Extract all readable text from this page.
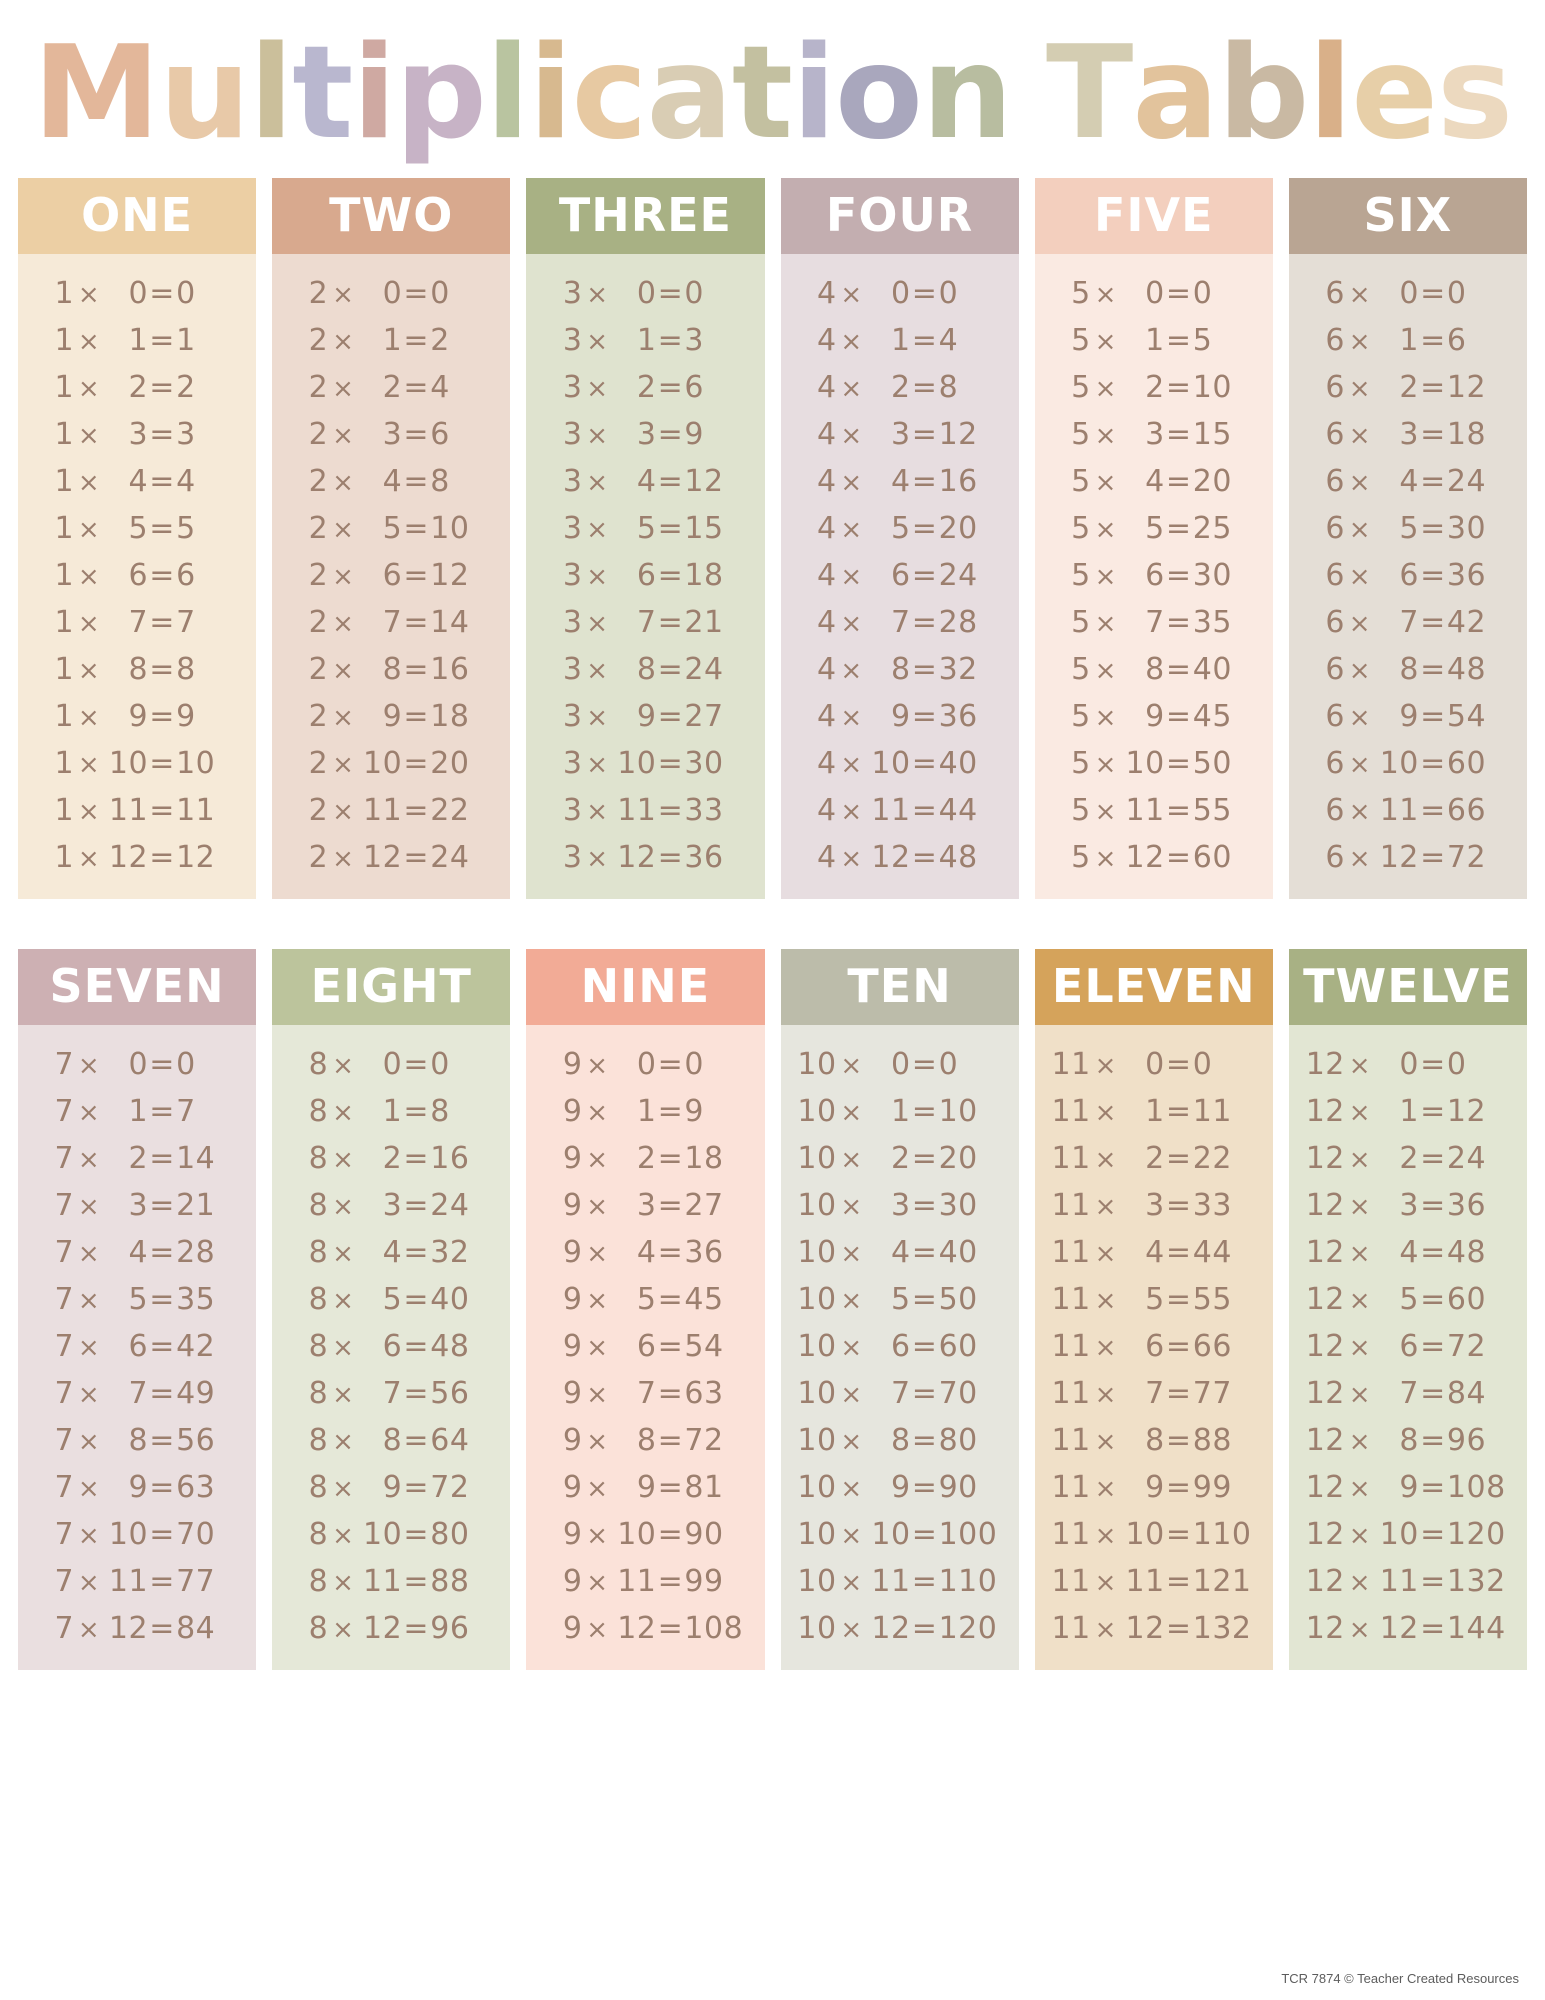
Multiplication Tables
ONE
1 × 0 = 0
1 × 1 = 1
1 × 2 = 2
1 × 3 = 3
1 × 4 = 4
1 × 5 = 5
1 × 6 = 6
1 × 7 = 7
1 × 8 = 8
1 × 9 = 9
1 × 10 = 10
1 × 11 = 11
1 × 12 = 12
TWO
2 × 0 = 0
2 × 1 = 2
2 × 2 = 4
2 × 3 = 6
2 × 4 = 8
2 × 5 = 10
2 × 6 = 12
2 × 7 = 14
2 × 8 = 16
2 × 9 = 18
2 × 10 = 20
2 × 11 = 22
2 × 12 = 24
THREE
3 × 0 = 0
3 × 1 = 3
3 × 2 = 6
3 × 3 = 9
3 × 4 = 12
3 × 5 = 15
3 × 6 = 18
3 × 7 = 21
3 × 8 = 24
3 × 9 = 27
3 × 10 = 30
3 × 11 = 33
3 × 12 = 36
FOUR
4 × 0 = 0
4 × 1 = 4
4 × 2 = 8
4 × 3 = 12
4 × 4 = 16
4 × 5 = 20
4 × 6 = 24
4 × 7 = 28
4 × 8 = 32
4 × 9 = 36
4 × 10 = 40
4 × 11 = 44
4 × 12 = 48
FIVE
5 × 0 = 0
5 × 1 = 5
5 × 2 = 10
5 × 3 = 15
5 × 4 = 20
5 × 5 = 25
5 × 6 = 30
5 × 7 = 35
5 × 8 = 40
5 × 9 = 45
5 × 10 = 50
5 × 11 = 55
5 × 12 = 60
SIX
6 × 0 = 0
6 × 1 = 6
6 × 2 = 12
6 × 3 = 18
6 × 4 = 24
6 × 5 = 30
6 × 6 = 36
6 × 7 = 42
6 × 8 = 48
6 × 9 = 54
6 × 10 = 60
6 × 11 = 66
6 × 12 = 72
SEVEN
7 × 0 = 0
7 × 1 = 7
7 × 2 = 14
7 × 3 = 21
7 × 4 = 28
7 × 5 = 35
7 × 6 = 42
7 × 7 = 49
7 × 8 = 56
7 × 9 = 63
7 × 10 = 70
7 × 11 = 77
7 × 12 = 84
EIGHT
8 × 0 = 0
8 × 1 = 8
8 × 2 = 16
8 × 3 = 24
8 × 4 = 32
8 × 5 = 40
8 × 6 = 48
8 × 7 = 56
8 × 8 = 64
8 × 9 = 72
8 × 10 = 80
8 × 11 = 88
8 × 12 = 96
NINE
9 × 0 = 0
9 × 1 = 9
9 × 2 = 18
9 × 3 = 27
9 × 4 = 36
9 × 5 = 45
9 × 6 = 54
9 × 7 = 63
9 × 8 = 72
9 × 9 = 81
9 × 10 = 90
9 × 11 = 99
9 × 12 = 108
TEN
10 × 0 = 0
10 × 1 = 10
10 × 2 = 20
10 × 3 = 30
10 × 4 = 40
10 × 5 = 50
10 × 6 = 60
10 × 7 = 70
10 × 8 = 80
10 × 9 = 90
10 × 10 = 100
10 × 11 = 110
10 × 12 = 120
ELEVEN
11 × 0 = 0
11 × 1 = 11
11 × 2 = 22
11 × 3 = 33
11 × 4 = 44
11 × 5 = 55
11 × 6 = 66
11 × 7 = 77
11 × 8 = 88
11 × 9 = 99
11 × 10 = 110
11 × 11 = 121
11 × 12 = 132
TWELVE
12 × 0 = 0
12 × 1 = 12
12 × 2 = 24
12 × 3 = 36
12 × 4 = 48
12 × 5 = 60
12 × 6 = 72
12 × 7 = 84
12 × 8 = 96
12 × 9 = 108
12 × 10 = 120
12 × 11 = 132
12 × 12 = 144
TCR 7874 © Teacher Created Resources
